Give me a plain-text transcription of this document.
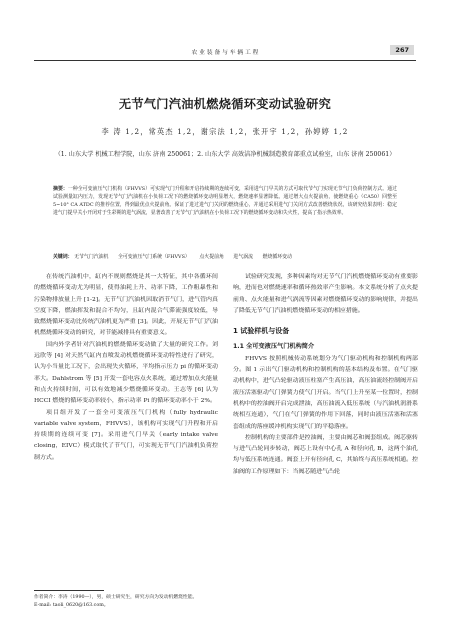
农 业 装 备 与 车 辆 工 程	267
无节气门汽油机燃烧循环变动试验研究
李 涛 1,2，常英杰 1,2，谢宗法 1,2，张开宇 1,2，孙婷婷 1,2
（1. 山东大学 机械工程学院，山东 济南 250061；2. 山东大学 高效洁净机械制造教育部重点试验室，山东 济南 250061）
摘要：一种全可变液压气门机构（FHVVS）可实现气门升程和开启持续期的连续可变，采用进气门早关的方式可取代节气门实现无节气门负荷控制方式。通过试验测量缸内压力，发现无节气门汽油机在小负荷工况下的燃烧循环变动明显增大，燃烧速率显著降低。通过增大点火提前角，使燃烧重心（CA50）回整至 5~10° CA ATDC 的推荐位置，得到最优点火提前角。保证了进过进气门关闭的燃烧重心，并通过采用进气门关闭方式改善燃烧状况，该研究结果表明：稳定进气门提早关小开闭对于生彩期的进气涡流，显著改善了无节气门汽油机在小负荷工况下的燃烧循环变动和失火性，提高了指示热效率。
关键词： 无节气门汽油机 全可变液压气门系统（FHVVS） 点火提前角 进气涡流 燃烧循环变动

在传统汽油机中，缸内不规则燃烧是其一大特征，其中各循环间的燃烧循环变动尤为明显，使得油耗上升、功率下降，工作粗暴性和污染物排放量上升 [1-2]。无节气门汽油机因取消节气门，进气管内真空度下降，燃油挥发和混合不均匀，且缸内混合气滞流强度较低，导致燃烧循环变动比传统汽油机更为严重 [3]。因此，开展无节气门汽油机燃烧循环变动的研究，对节能减排具有重要意义。

国内外学者针对汽油机的燃烧循环变动做了大量的研究工作。刘远欣等 [4] 对天然气缸内直喷发动机燃烧循环变动特性进行了研究，认为小当量比工况下，会出现失火循环，平均指示压力 pi 的循环变动率大。Dahlstrom 等 [5] 开发一套电容点火系统，通过增加点火能量和点火持续时间，可以有效地减少燃烧循环变动。王志等 [6] 认为 HCCI 燃烧的循环变动率较小，指示功率 Pi 的循环变动率小于 2%。

项目组开发了一套全可变液压气门机构（fully hydraulic variable valve system，FHVVS），该机构可实现气门升程和开启持续期的连续可变 [7]。采用进气门早关（early intake valve closing，EIVC）模式取代了节气门，可实现无节气门汽油机负荷控制方式。

试验研究发现，多种因素均对无节气门汽机燃烧循环变动有重要影响，进而也对燃烧速率和循环热效率产生影响。本文系统分析了点火提前角、点火能量和进气涡流等因素对燃烧循环变动的影响规律，并提出了降低无节气门汽油机燃烧循环变动的相应措施。

1 试验样机与设备
1.1 全可变液压气门机构简介

FHVVS 按照机械传动系统划分为气门驱动机构和控制机构两部分。图 1 示出气门驱动机构和控制机构的基本结构及布置。在气门驱动机构中，进气凸轮驱动液压柱塞产生高压油，高压油流经控制阀开启液压活塞驱动气门弹簧力使气门开启。当气门上升至某一位置时，控制机构中的控油阀开启完成泄油，高压油流入低压系统（与汽油机润滑系统相互连通），气门在气门弹簧的作用下回落，同时由液压活塞和活塞套组成的落座缓冲机构实现气门的平稳落座。

控制机构的主要部件是控油阀，主要由阀芯和阀套组成。阀芯驱转与进气凸轮同步转动，阀芯上设有中心孔 A 和径向孔 B，这两个油孔均与低压系统连通。阀套上开有径向孔 C，其始终与高压系统相通。控油阀的工作原理如下：当阀芯随进气凸轮

作者简介：李涛（1990—），男，硕士研究生，研究方向为发动机燃烧性能。
E-mail: taoli_0620@163.com。
